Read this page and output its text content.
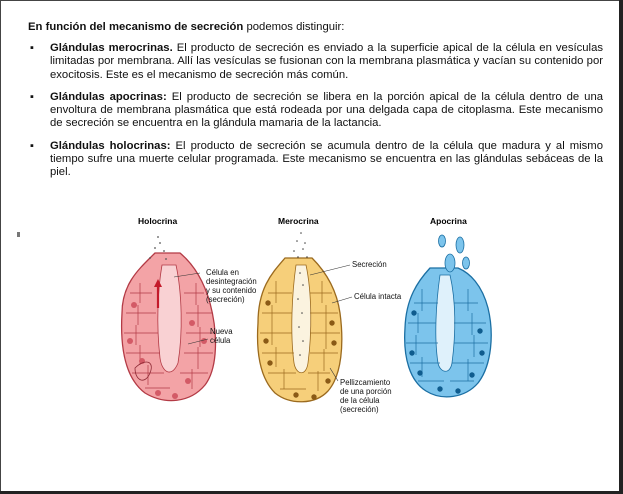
En función del mecanismo de secreción podemos distinguir:

▪ Glándulas merocrinas. El producto de secreción es enviado a la superficie apical de la célula en vesículas limitadas por membrana. Allí las vesículas se fusionan con la membrana plasmática y vacían su contenido por exocitosis. Este es el mecanismo de secreción más común.
▪ Glándulas apocrinas: El producto de secreción se libera en la porción apical de la célula dentro de una envoltura de membrana plasmática que está rodeada por una delgada capa de citoplasma. Este mecanismo de secreción se encuentra en la glándula mamaria de la lactancia.
▪ Glándulas holocrinas: El producto de secreción se acumula dentro de la célula que madura y al mismo tiempo sufre una muerte celular programada. Este mecanismo se encuentra en las glándulas sebáceas de la piel.
Holocrina	Merocrina	Apocrina
Célula en
desintegración
y su contenido
(secreción)
Nueva
célula
Secreción
Célula intacta
Pellizcamiento
de una porción
de la célula
(secreción)
